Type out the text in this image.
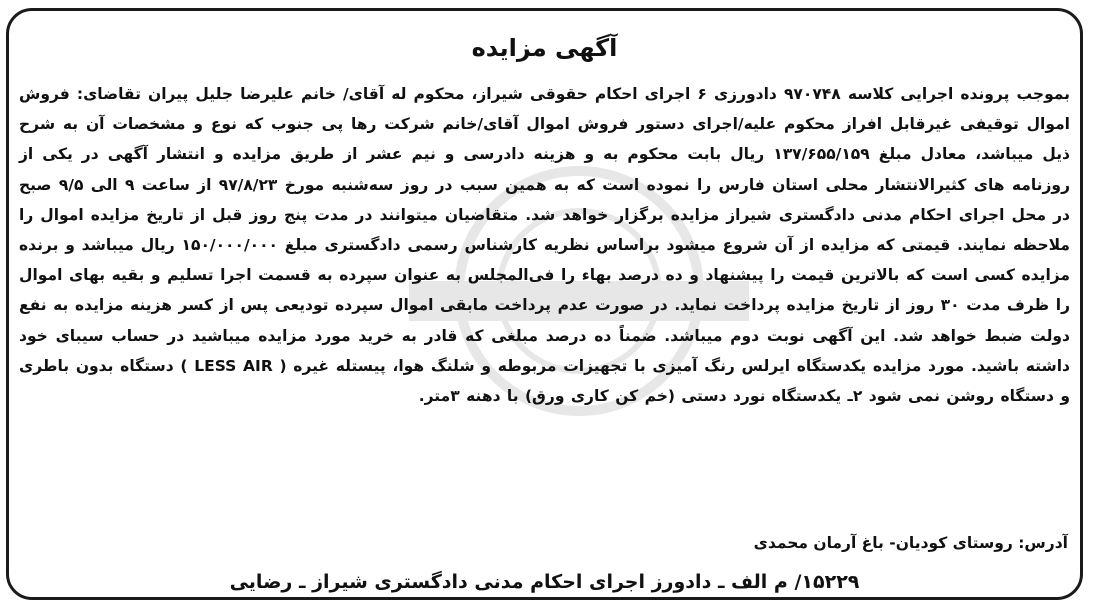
آگهی مزایده
بموجب پرونده اجرایی کلاسه ۹۷۰۷۴۸ دادورزی ۶ اجرای احکام حقوقی شیراز، محکوم له آقای/ خانم علیرضا جلیل پیران تقاضای: فروش اموال توقیفی غیرقابل افراز محکوم علیه/اجرای دستور فروش اموال آقای/خانم شرکت رها پی جنوب که نوع و مشخصات آن به شرح ذیل میباشد، معادل مبلغ ۱۳۷/۶۵۵/۱۵۹ ریال بابت محکوم به و هزینه دادرسی و نیم عشر از طریق مزایده و انتشار آگهی در یکی از روزنامه های کثیرالانتشار محلی استان فارس را نموده است که به همین سبب در روز سه‌شنبه مورخ ۹۷/۸/۲۳ از ساعت ۹ الی ۹/۵ صبح در محل اجرای احکام مدنی دادگستری شیراز مزایده برگزار خواهد شد. متقاضیان میتوانند در مدت پنج روز قبل از تاریخ مزایده اموال را ملاحظه نمایند. قیمتی که مزایده از آن شروع میشود براساس نظریه کارشناس رسمی دادگستری مبلغ ۱۵۰/۰۰۰/۰۰۰ ریال میباشد و برنده مزایده کسی است که بالاترین قیمت را پیشنهاد و ده درصد بهاء را فی‌المجلس به عنوان سپرده به قسمت اجرا تسلیم و بقیه بهای اموال را ظرف مدت ۳۰ روز از تاریخ مزایده پرداخت نماید. در صورت عدم پرداخت مابقی اموال سپرده تودیعی پس از کسر هزینه مزایده به نفع دولت ضبط خواهد شد. این آگهی نوبت دوم میباشد. ضمناً ده درصد مبلغی که قادر به خرید مورد مزایده میباشید در حساب سیبای خود داشته باشید. مورد مزایده یکدستگاه ایرلس رنگ آمیزی با تجهیزات مربوطه و شلنگ هوا، پیستله غیره ( LESS AIR ) دستگاه بدون باطری و دستگاه روشن نمی شود ۲ـ یکدستگاه نورد دستی (خم کن کاری ورق) با دهنه ۳متر.
آدرس: روستای کودیان- باغ آرمان محمدی
۱۵۲۲۹/ م الف ـ دادورز اجرای احکام مدنی دادگستری شیراز ـ رضایی
